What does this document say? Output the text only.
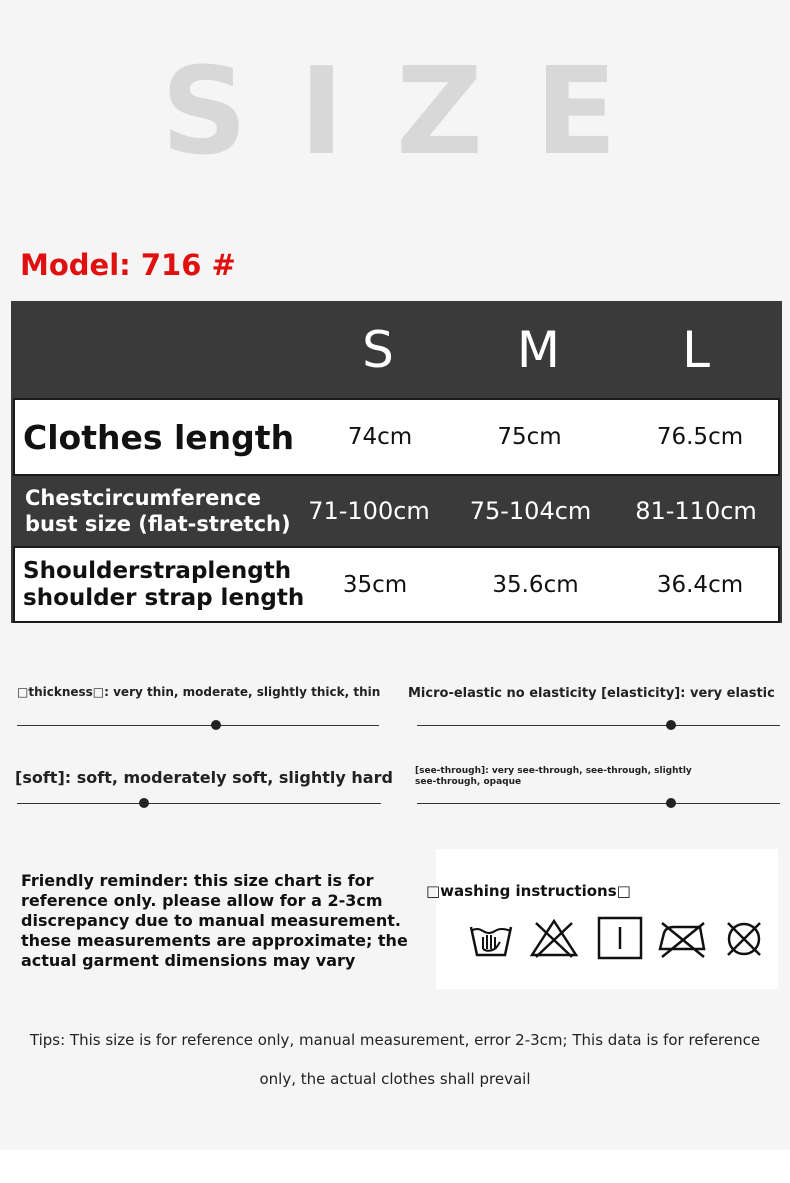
SIZE
Model: 716 #
S M L
Clothes length 74cm	75cm	76.5cm
Chestcircumference
bust size (flat-stretch) 71-100cm 75-104cm 81-110cm
Shoulderstraplength
shoulder strap length 35cm	35.6cm	36.4cm
□thickness□: very thin, moderate, slightly thick, thin Micro-elastic no elasticity [elasticity]: very elastic
[soft]: soft, moderately soft, slightly hard [see-through]: very see-through, see-through, slightly
see-through, opaque
Friendly reminder: this size chart is for
reference only. please allow for a 2-3cm
discrepancy due to manual measurement.
these measurements are approximate; the
actual garment dimensions may vary
□washing instructions□
Tips: This size is for reference only, manual measurement, error 2-3cm; This data is for reference
only, the actual clothes shall prevail
